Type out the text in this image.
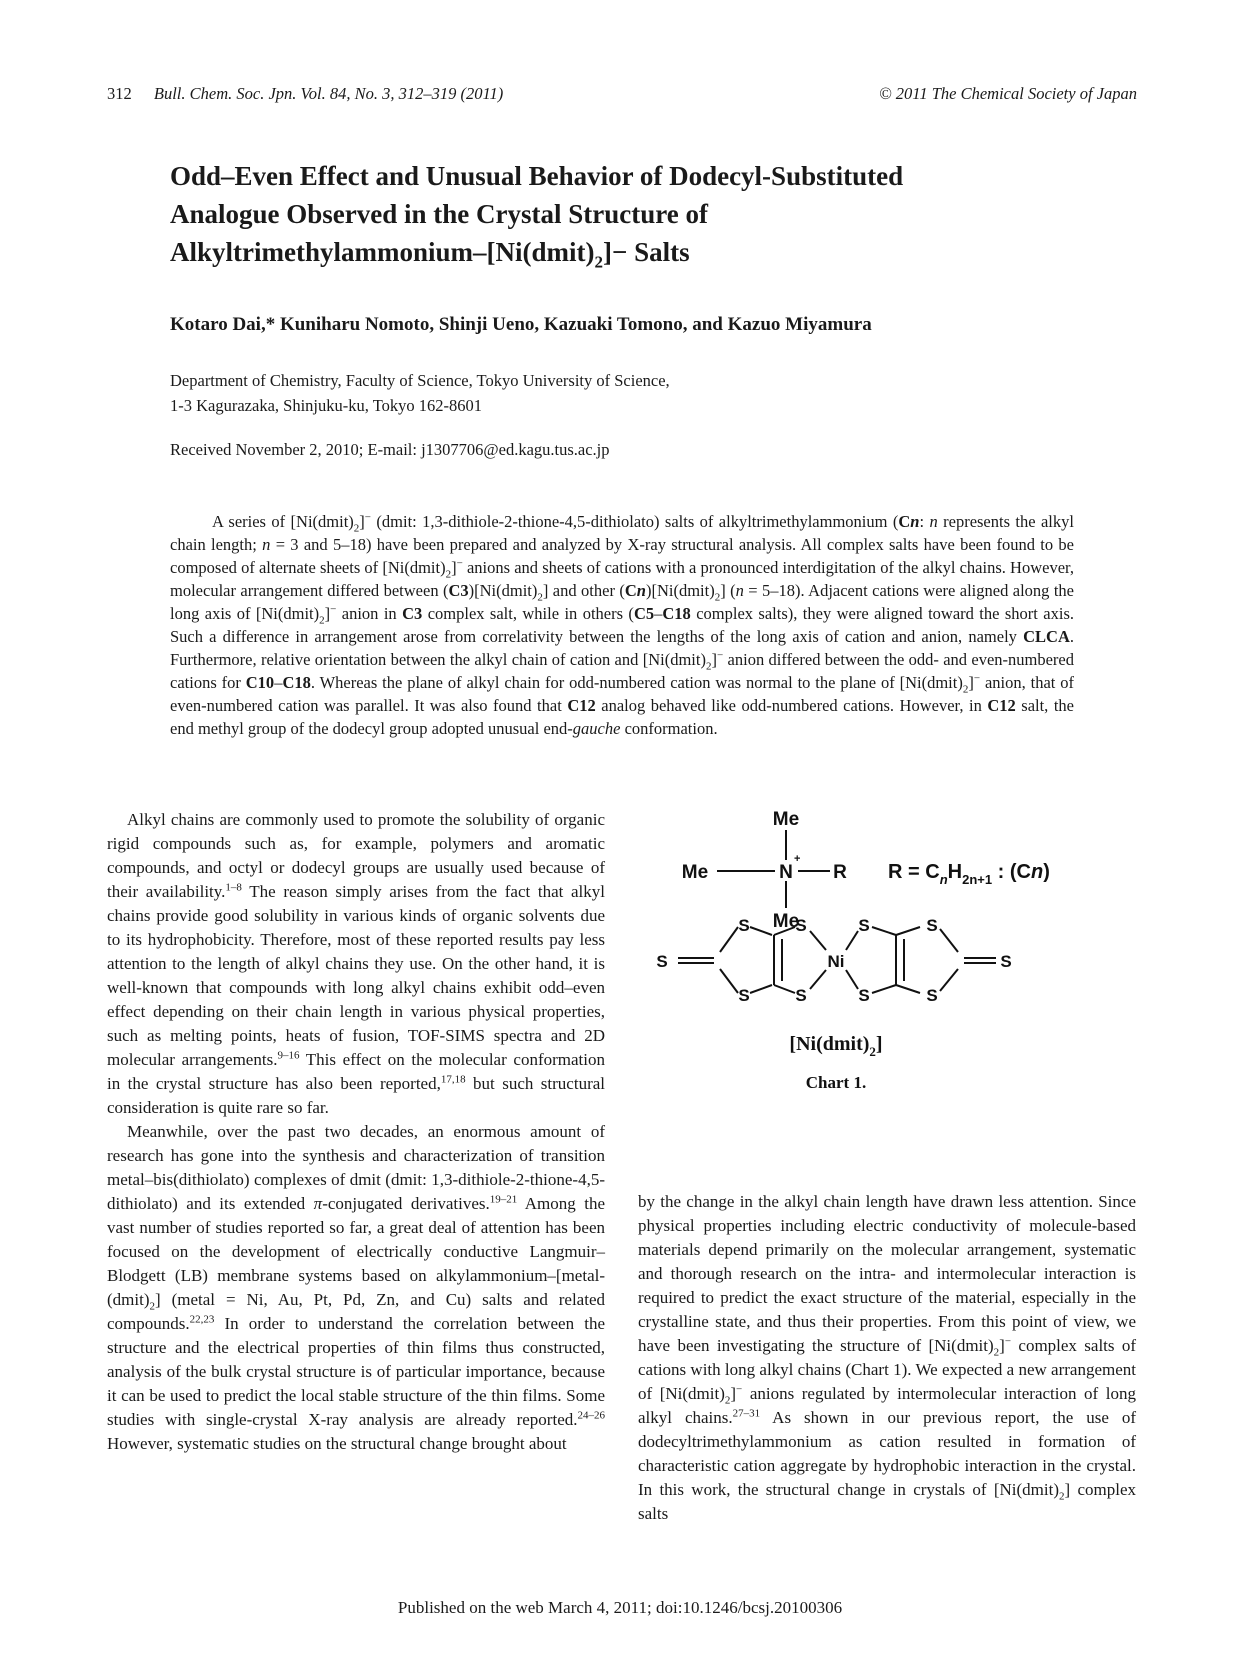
312 Bull. Chem. Soc. Jpn. Vol. 84, No. 3, 312–319 (2011)	© 2011 The Chemical Society of Japan
Odd–Even Effect and Unusual Behavior of Dodecyl-Substituted
Analogue Observed in the Crystal Structure of
Alkyltrimethylammonium–$[Ni(dmit)_2]-$ Salts
Kotaro Dai,* Kuniharu Nomoto, Shinji Ueno, Kazuaki Tomono, and Kazuo Miyamura
Department of Chemistry, Faculty of Science, Tokyo University of Science,
1-3 Kagurazaka, Shinjuku-ku, Tokyo 162-8601
Received November 2, 2010; E-mail: j1307706@ed.kagu.tus.ac.jp

A series of $[Ni(dmit)_2]^-$ (dmit: 1,3-dithiole-2-thione-4,5-dithiolato) salts of alkyltrimethylammonium (Cn: n represents the alkyl chain length; n = 3 and 5–18) have been prepared and analyzed by X-ray structural analysis. All complex salts have been found to be composed of alternate sheets of $[Ni(dmit)_2]^-$ anions and sheets of cations with a pronounced interdigitation of the alkyl chains. However, molecular arrangement differed between $(C3)[Ni(dmit)_2]$ and other $(Cn)[Ni(dmit)_2] (n = 5-18)$. Adjacent cations were aligned along the long axis of $[Ni(dmit)_2]^-$ anion in C3 complex salt, while in others (C5–C18 complex salts), they were aligned toward the short axis. Such a difference in arrangement arose from correlativity between the lengths of the long axis of cation and anion, namely CLCA. Furthermore, relative orientation between the alkyl chain of cation and $[Ni(dmit)_2]^-$ anion differed between the odd- and even-numbered cations for C10–C18. Whereas the plane of alkyl chain for odd-numbered cation was normal to the plane of $[Ni(dmit)_2]^-$ anion, that of even-numbered cation was parallel. It was also found that C12 analog behaved like odd-numbered cations. However, in C12 salt, the end methyl group of the dodecyl group adopted unusual end-gauche conformation.

Alkyl chains are commonly used to promote the solubility of organic rigid compounds such as, for example, polymers and aromatic compounds, and octyl or dodecyl groups are usually used because of their availability.$^{1-8}$ The reason simply arises from the fact that alkyl chains provide good solubility in various kinds of organic solvents due to its hydrophobicity. Therefore, most of these reported results pay less attention to the length of alkyl chains they use. On the other hand, it is well-known that compounds with long alkyl chains exhibit odd–even effect depending on their chain length in various physical properties, such as melting points, heats of fusion, TOF-SIMS spectra and 2D molecular arrangements.$^{9-16}$ This effect on the molecular conformation in the crystal structure has also been reported,$^{17,18}$ but such structural consideration is quite rare so far.

Meanwhile, over the past two decades, an enormous amount of research has gone into the synthesis and characterization of transition metal–bis(dithiolato) complexes of dmit (dmit: 1,3-dithiole-2-thione-4,5-dithiolato) and its extended π-conjugated derivatives.$^{19-21}$ Among the vast number of studies reported so far, a great deal of attention has been focused on the development of electrically conductive Langmuir–Blodgett (LB) membrane systems based on alkylammonium–$[metal-(dmit)_2]$ (metal = Ni, Au, Pt, Pd, Zn, and Cu) salts and related compounds.$^{22,23}$ In order to understand the correlation between the structure and the electrical properties of thin films thus constructed, analysis of the bulk crystal structure is of particular importance, because it can be used to predict the local stable structure of the thin films. Some studies with single-crystal X-ray analysis are already reported.$^{24-26}$ However, systematic studies on the structural change brought about

by the change in the alkyl chain length have drawn less attention. Since physical properties including electric conductivity of molecule-based materials depend primarily on the molecular arrangement, systematic and thorough research on the intra- and intermolecular interaction is required to predict the exact structure of the material, especially in the crystalline state, and thus their properties. From this point of view, we have been investigating the structure of $[Ni(dmit)_2]^-$ complex salts of cations with long alkyl chains (Chart 1). We expected a new arrangement of $[Ni(dmit)_2]^-$ anions regulated by intermolecular interaction of long alkyl chains.$^{27-31}$ As shown in our previous report, the use of dodecyltrimethylammonium as cation resulted in formation of characteristic cation aggregate by hydrophobic interaction in the crystal. In this work, the structural change in crystals of $[Ni(dmit)_2]$ complex salts

Me
Me	N
+
R
Me
$R = C_nH_{2n+1}$ : (Cn)
S
S
S
S
S
Ni
S
S
S
S
S
$[Ni(dmit)_2]$
Chart 1.
Published on the web March 4, 2011; doi:10.1246/bcsj.20100306
